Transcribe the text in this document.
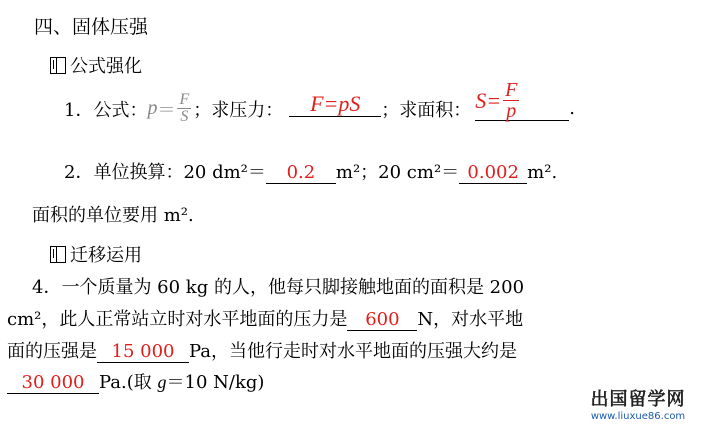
四、固体压强
公式强化
1．公式： $p = \frac{F}{S}$ ；求压力：	F=pS	；求面积： $S= \frac{F}{p}$	.
2．单位换算：20 dm²＝ 0.2 m²；20 cm²＝ 0.002 m².
面积的单位要用 m².
迁移运用
4．一个质量为 60 kg 的人，他每只脚接触地面的面积是 200
cm²，此人正常站立时对水平地面的压力是 600 N，对水平地
面的压强是 15 000 Pa，当他行走时对水平地面的压强大约是
30 000 Pa.(取 g＝10 N/kg)
出国留学网
www.liuxue86.com
